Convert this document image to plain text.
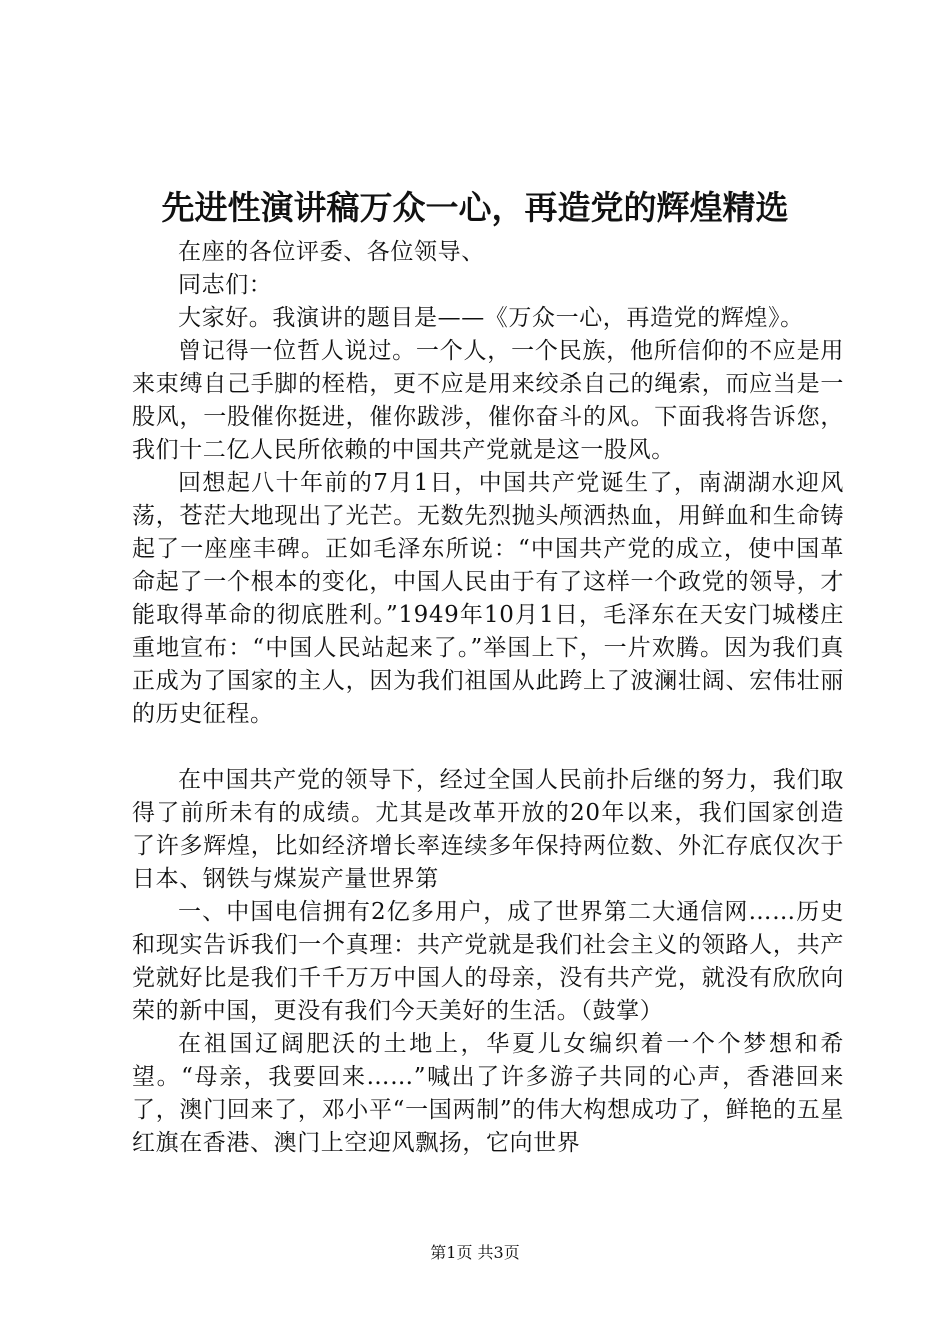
先进性演讲稿万众一心，再造党的辉煌精选

在座的各位评委、各位领导、

同志们：

大家好。我演讲的题目是——《万众一心，再造党的辉煌》。

曾记得一位哲人说过。一个人，一个民族，他所信仰的不应是用来束缚自己手脚的桎梏，更不应是用来绞杀自己的绳索，而应当是一股风，一股催你挺进，催你跋涉，催你奋斗的风。下面我将告诉您，我们十二亿人民所依赖的中国共产党就是这一股风。

回想起八十年前的7月1日，中国共产党诞生了，南湖湖水迎风荡，苍茫大地现出了光芒。无数先烈抛头颅洒热血，用鲜血和生命铸起了一座座丰碑。正如毛泽东所说：“中国共产党的成立，使中国革命起了一个根本的变化，中国人民由于有了这样一个政党的领导，才能取得革命的彻底胜利。”1949年10月1日，毛泽东在天安门城楼庄重地宣布：“中国人民站起来了。”举国上下，一片欢腾。因为我们真正成为了国家的主人，因为我们祖国从此跨上了波澜壮阔、宏伟壮丽的历史征程。

在中国共产党的领导下，经过全国人民前扑后继的努力，我们取得了前所未有的成绩。尤其是改革开放的20年以来，我们国家创造了许多辉煌，比如经济增长率连续多年保持两位数、外汇存底仅次于日本、钢铁与煤炭产量世界第

一、中国电信拥有2亿多用户，成了世界第二大通信网……历史和现实告诉我们一个真理：共产党就是我们社会主义的领路人，共产党就好比是我们千千万万中国人的母亲，没有共产党，就没有欣欣向荣的新中国，更没有我们今天美好的生活。（鼓掌）

在祖国辽阔肥沃的土地上，华夏儿女编织着一个个梦想和希望。“母亲，我要回来……”喊出了许多游子共同的心声，香港回来了，澳门回来了，邓小平“一国两制”的伟大构想成功了，鲜艳的五星红旗在香港、澳门上空迎风飘扬，它向世界

第1页 共3页
